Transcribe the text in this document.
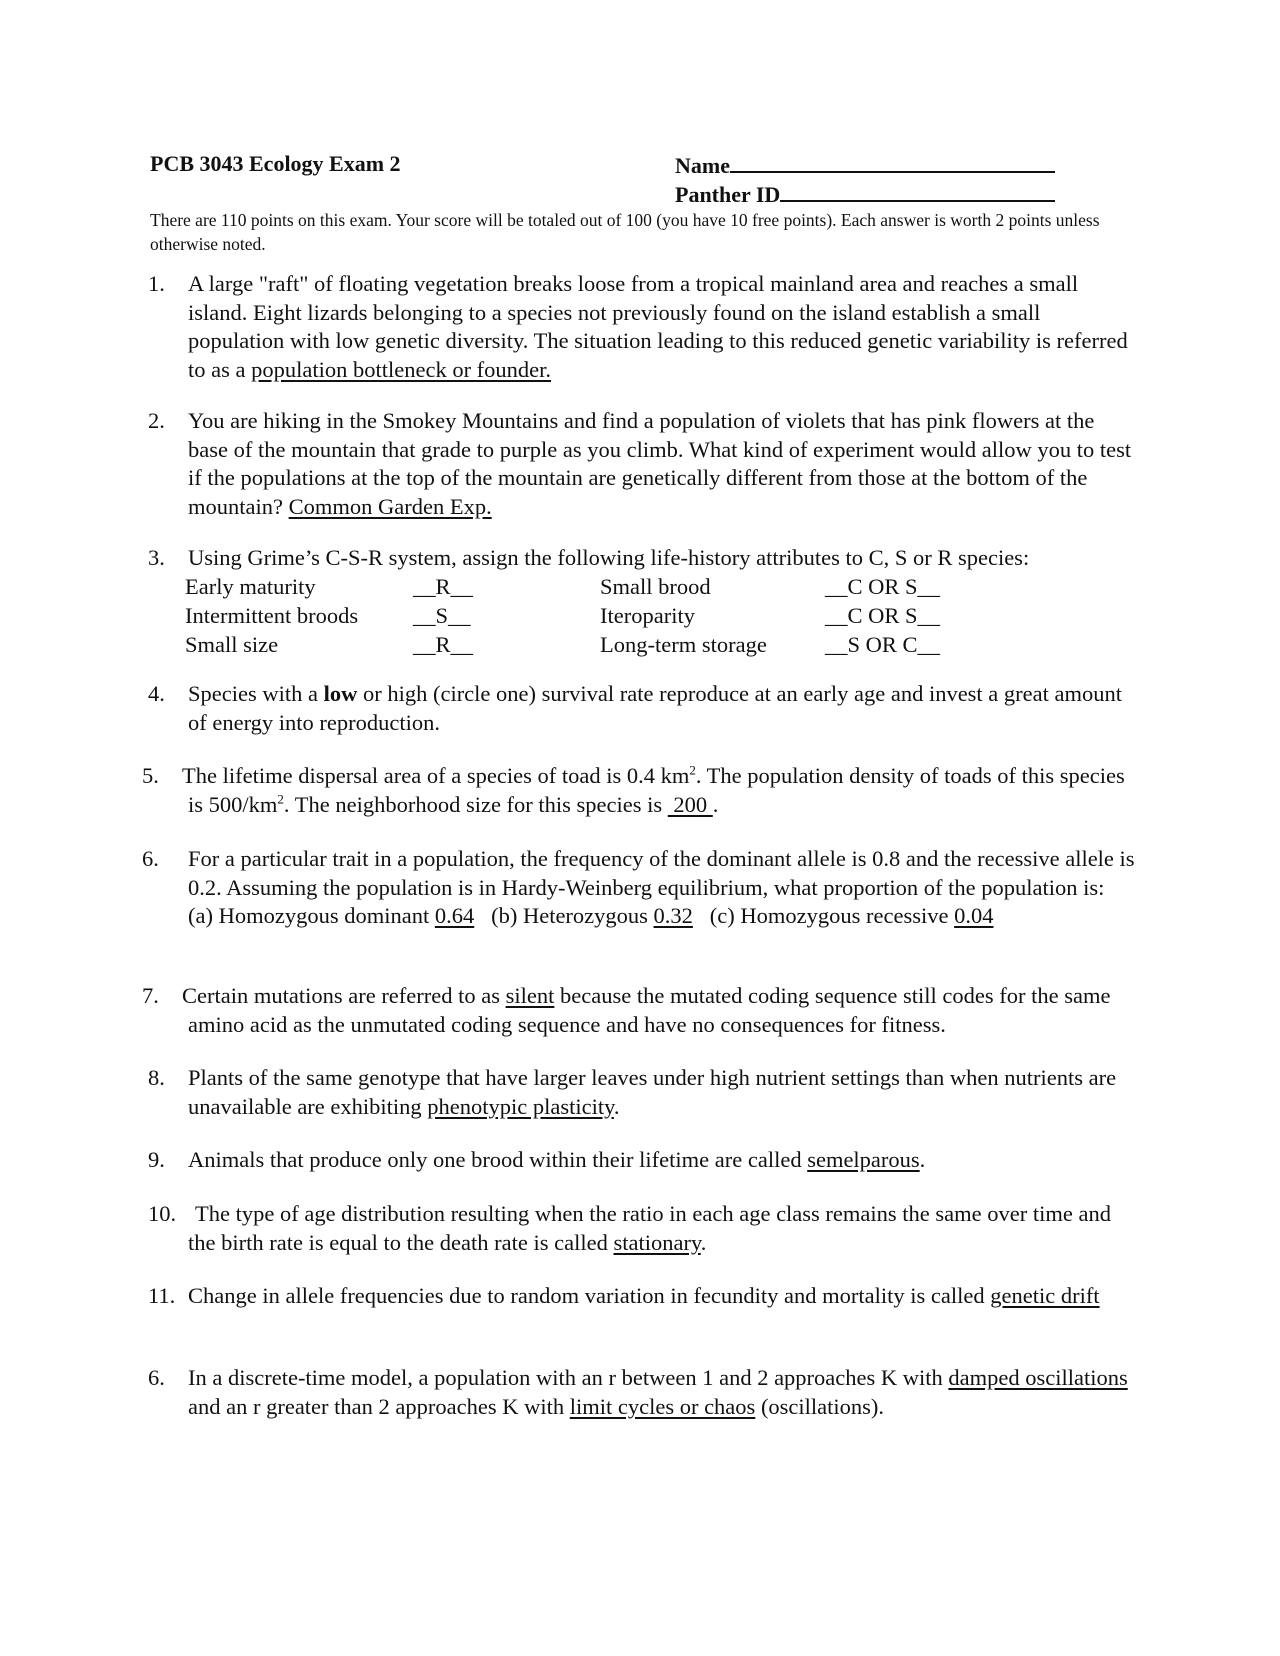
PCB 3043 Ecology Exam 2	Name
Panther ID
There are 110 points on this exam. Your score will be totaled out of 100 (you have 10 free points). Each answer is worth 2 points unless otherwise noted.
1. A large "raft" of floating vegetation breaks loose from a tropical mainland area and reaches a small island. Eight lizards belonging to a species not previously found on the island establish a small population with low genetic diversity. The situation leading to this reduced genetic variability is referred to as a population bottleneck or founder.
2. You are hiking in the Smokey Mountains and find a population of violets that has pink flowers at the base of the mountain that grade to purple as you climb. What kind of experiment would allow you to test if the populations at the top of the mountain are genetically different from those at the bottom of the mountain? Common Garden Exp.
3. Using Grime’s C-S-R system, assign the following life-history attributes to C, S or R species:
Early maturity	__R__	Small brood	__C OR S__
Intermittent broods __S__	Iteroparity	__C OR S__
Small size	__R__	Long-term storage	__S OR C__
4. Species with a low or high (circle one) survival rate reproduce at an early age and invest a great amount of energy into reproduction.
5. The lifetime dispersal area of a species of toad is 0.4 $km^2$. The population density of toads of this species is $500/km^2$. The neighborhood size for this species is  200 .
6. For a particular trait in a population, the frequency of the dominant allele is 0.8 and the recessive allele is 0.2. Assuming the population is in Hardy-Weinberg equilibrium, what proportion of the population is:
(a) Homozygous dominant 0.64   (b) Heterozygous 0.32   (c) Homozygous recessive 0.04
7. Certain mutations are referred to as silent because the mutated coding sequence still codes for the same amino acid as the unmutated coding sequence and have no consequences for fitness.
8. Plants of the same genotype that have larger leaves under high nutrient settings than when nutrients are unavailable are exhibiting phenotypic plasticity.
9. Animals that produce only one brood within their lifetime are called semelparous.
10. The type of age distribution resulting when the ratio in each age class remains the same over time and the birth rate is equal to the death rate is called stationary.
11. Change in allele frequencies due to random variation in fecundity and mortality is called genetic drift
6. In a discrete-time model, a population with an r between 1 and 2 approaches K with damped oscillations and an r greater than 2 approaches K with limit cycles or chaos (oscillations).
